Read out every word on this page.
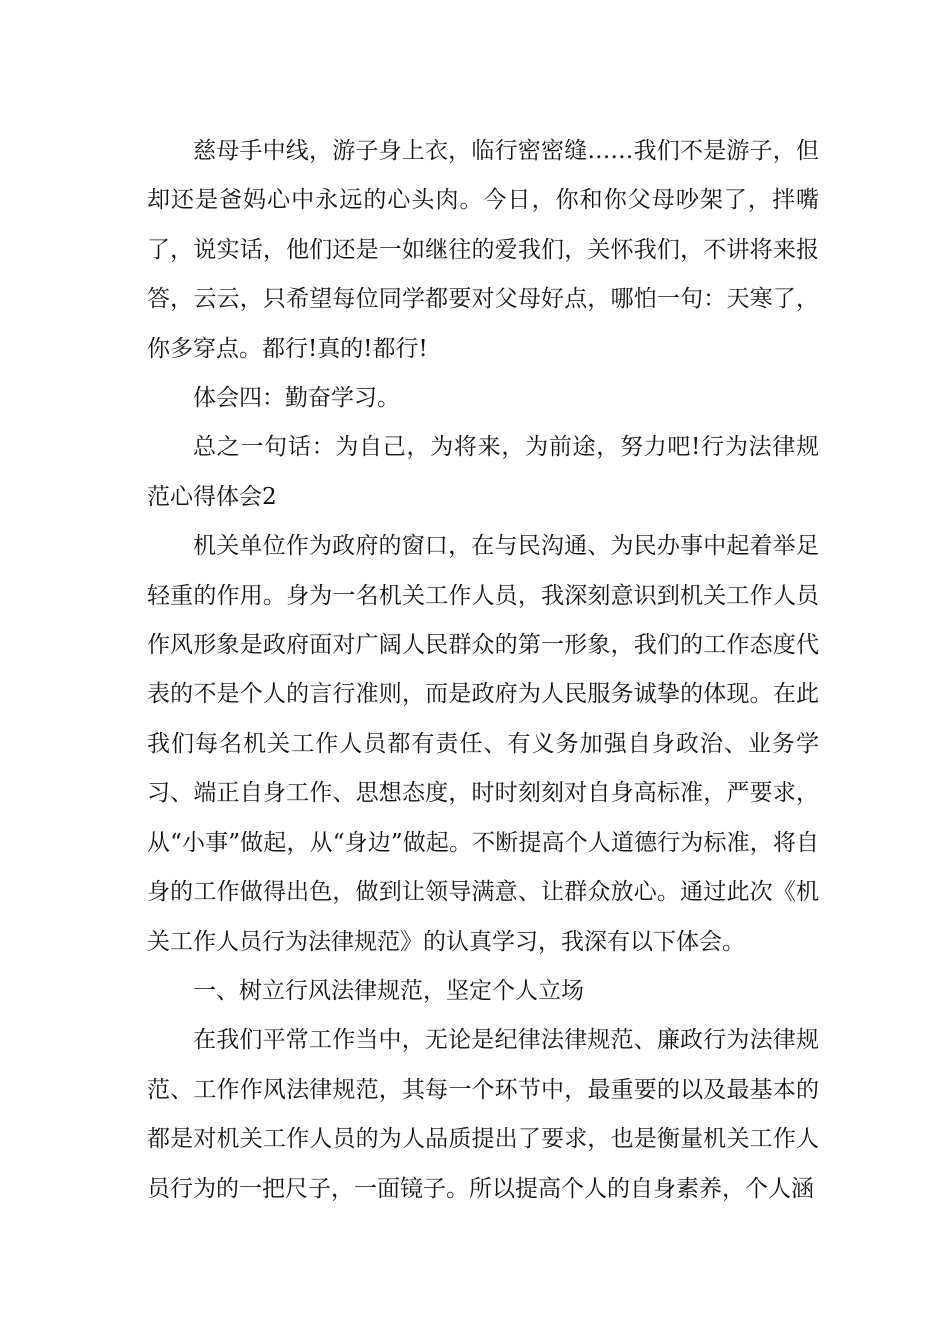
慈母手中线，游子身上衣，临行密密缝……我们不是游子，但却还是爸妈心中永远的心头肉。今日，你和你父母吵架了，拌嘴了，说实话，他们还是一如继往的爱我们，关怀我们，不讲将来报答，云云，只希望每位同学都要对父母好点，哪怕一句：天寒了，你多穿点。都行!真的!都行!

体会四：勤奋学习。

总之一句话：为自己，为将来，为前途，努力吧!行为法律规范心得体会2

机关单位作为政府的窗口，在与民沟通、为民办事中起着举足轻重的作用。身为一名机关工作人员，我深刻意识到机关工作人员作风形象是政府面对广阔人民群众的第一形象，我们的工作态度代表的不是个人的言行准则，而是政府为人民服务诚挚的体现。在此我们每名机关工作人员都有责任、有义务加强自身政治、业务学习、端正自身工作、思想态度，时时刻刻对自身高标准，严要求，从“小事”做起，从“身边”做起。不断提高个人道德行为标准，将自身的工作做得出色，做到让领导满意、让群众放心。通过此次《机关工作人员行为法律规范》的认真学习，我深有以下体会。

一、树立行风法律规范，坚定个人立场

在我们平常工作当中，无论是纪律法律规范、廉政行为法律规范、工作作风法律规范，其每一个环节中，最重要的以及最基本的都是对机关工作人员的为人品质提出了要求，也是衡量机关工作人员行为的一把尺子，一面镜子。所以提高个人的自身素养，个人涵
